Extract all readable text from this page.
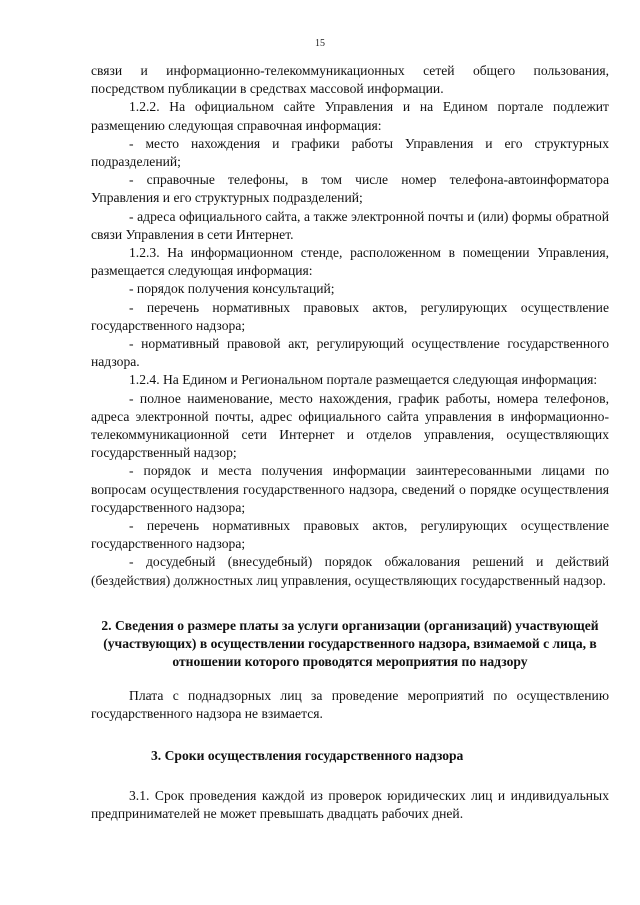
15

связи и информационно-телекоммуникационных сетей общего пользования, посредством публикации в средствах массовой информации.

1.2.2. На официальном сайте Управления и на Едином портале подлежит размещению следующая справочная информация:

- место нахождения и графики работы Управления и его структурных подразделений;

- справочные телефоны, в том числе номер телефона-автоинформатора Управления и его структурных подразделений;

- адреса официального сайта, а также электронной почты и (или) формы обратной связи Управления в сети Интернет.

1.2.3. На информационном стенде, расположенном в помещении Управления, размещается следующая информация:

- порядок получения консультаций;

- перечень нормативных правовых актов, регулирующих осуществление государственного надзора;

- нормативный правовой акт, регулирующий осуществление государственного надзора.

1.2.4. На Едином и Региональном портале размещается следующая информация:

- полное наименование, место нахождения, график работы, номера телефонов, адреса электронной почты, адрес официального сайта управления в информационно-телекоммуникационной сети Интернет и отделов управления, осуществляющих государственный надзор;

- порядок и места получения информации заинтересованными лицами по вопросам осуществления государственного надзора, сведений о порядке осуществления государственного надзора;

- перечень нормативных правовых актов, регулирующих осуществление государственного надзора;

- досудебный (внесудебный) порядок обжалования решений и действий (бездействия) должностных лиц управления, осуществляющих государственный надзор.

2. Сведения о размере платы за услуги организации (организаций) участвующей (участвующих) в осуществлении государственного надзора, взимаемой с лица, в отношении которого проводятся мероприятия по надзору

Плата с поднадзорных лиц за проведение мероприятий по осуществлению государственного надзора не взимается.

3. Сроки осуществления государственного надзора

3.1. Срок проведения каждой из проверок юридических лиц и индивидуальных предпринимателей не может превышать двадцать рабочих дней.
